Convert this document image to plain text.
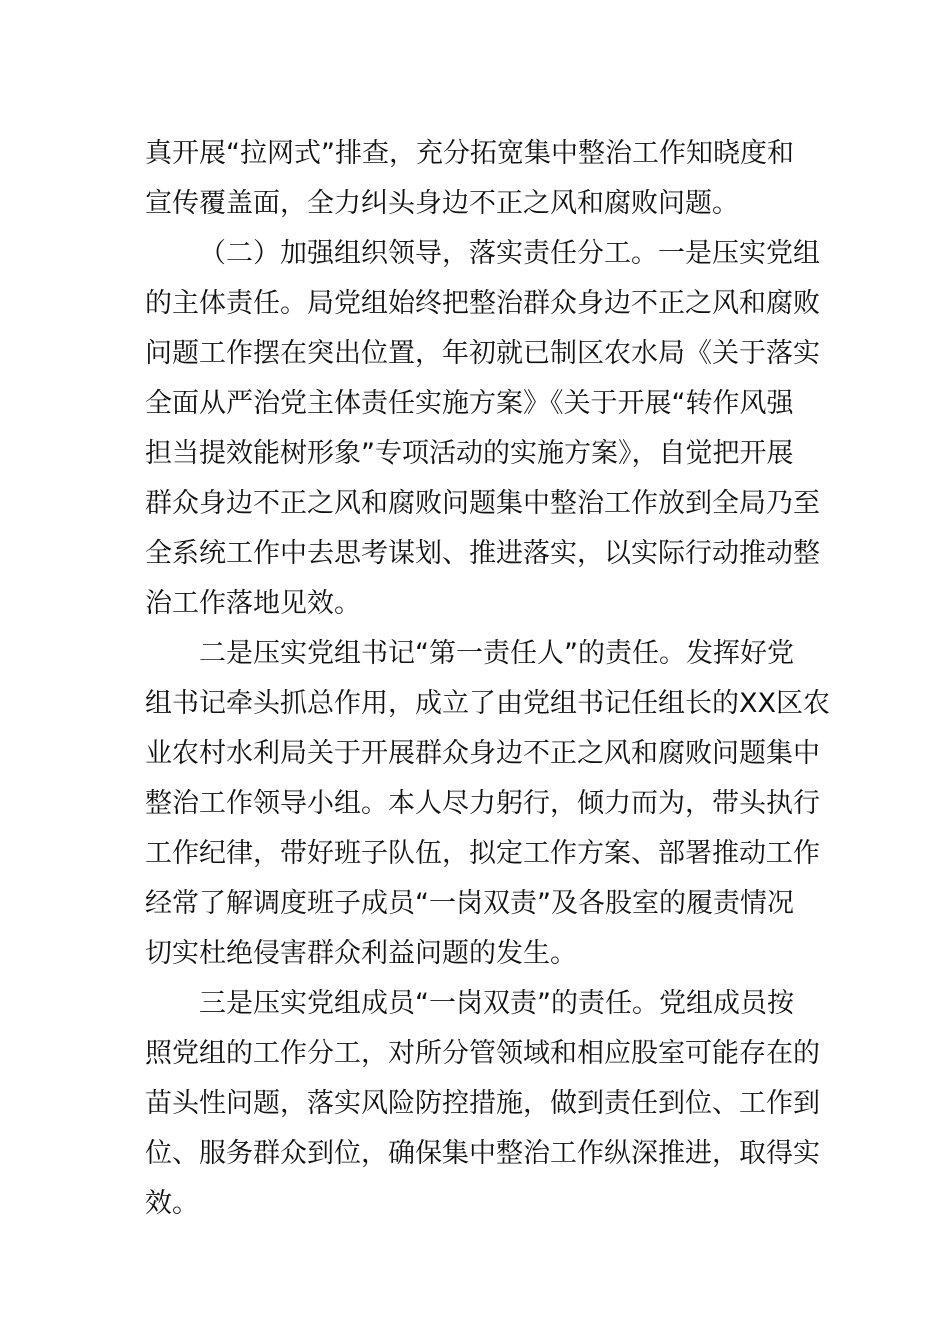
真开展“拉网式”排查，充分拓宽集中整治工作知晓度和
宣传覆盖面，全力纠头身边不正之风和腐败问题。

（二）加强组织领导，落实责任分工。一是压实党组
的主体责任。局党组始终把整治群众身边不正之风和腐败
问题工作摆在突出位置，年初就已制区农水局《关于落实
全面从严治党主体责任实施方案》《关于开展“转作风强
担当提效能树形象”专项活动的实施方案》，自觉把开展
群众身边不正之风和腐败问题集中整治工作放到全局乃至
全系统工作中去思考谋划、推进落实，以实际行动推动整
治工作落地见效。

二是压实党组书记“第一责任人”的责任。发挥好党
组书记牵头抓总作用，成立了由党组书记任组长的XX区农
业农村水利局关于开展群众身边不正之风和腐败问题集中
整治工作领导小组。本人尽力躬行，倾力而为，带头执行
工作纪律，带好班子队伍，拟定工作方案、部署推动工作
经常了解调度班子成员“一岗双责”及各股室的履责情况
切实杜绝侵害群众利益问题的发生。

三是压实党组成员“一岗双责”的责任。党组成员按
照党组的工作分工，对所分管领域和相应股室可能存在的
苗头性问题，落实风险防控措施，做到责任到位、工作到
位、服务群众到位，确保集中整治工作纵深推进，取得实
效。
